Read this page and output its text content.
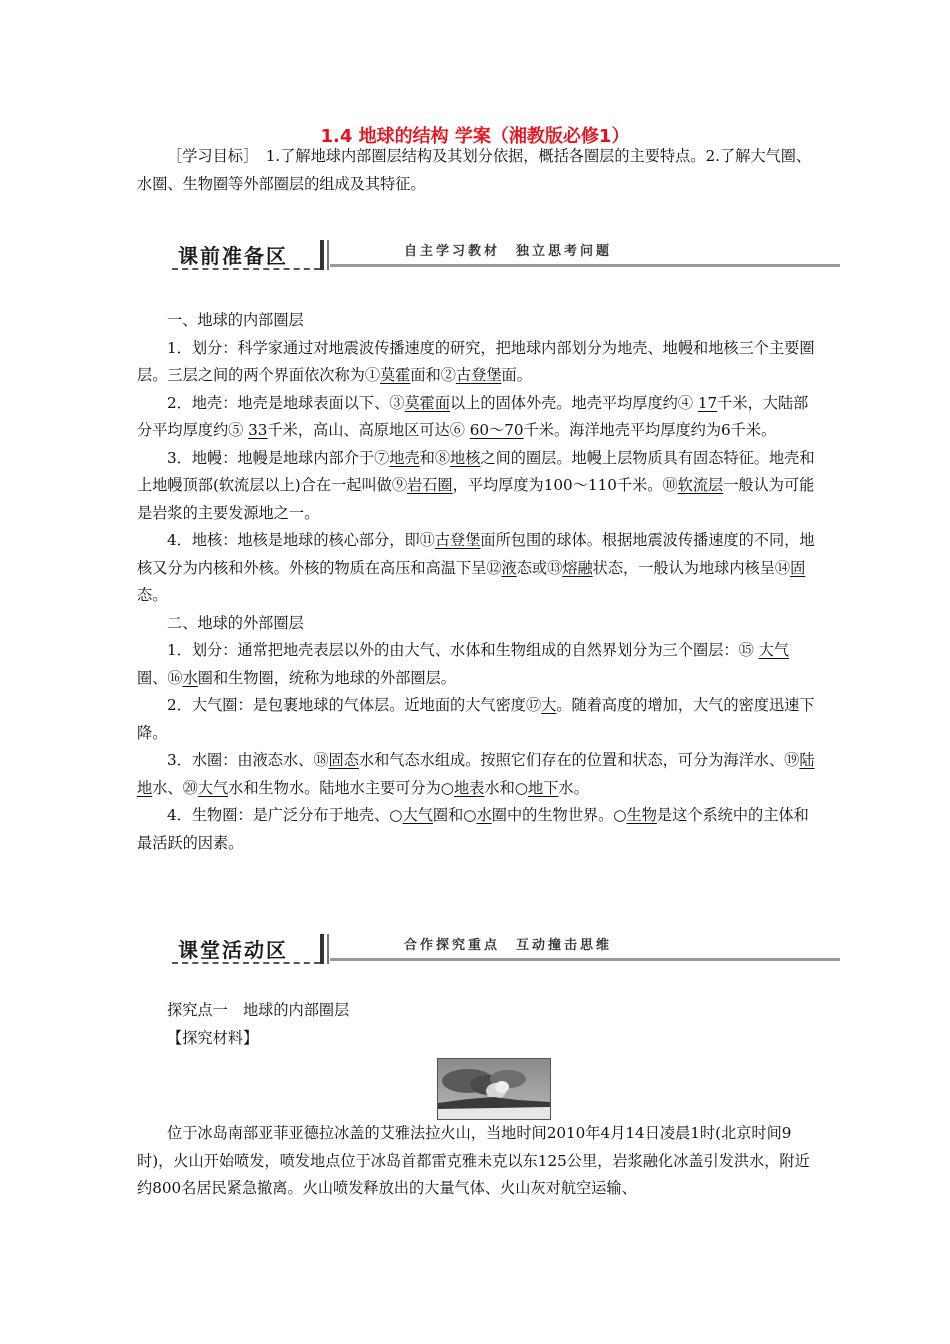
1.4 地球的结构 学案（湘教版必修1）

［学习目标］　1.了解地球内部圈层结构及其划分依据，概括各圈层的主要特点。2.了解大气圈、水圈、生物圈等外部圈层的组成及其特征。

课前准备区	自主学习教材　独立思考问题

一、地球的内部圈层

1．划分：科学家通过对地震波传播速度的研究，把地球内部划分为地壳、地幔和地核三个主要圈层。三层之间的两个界面依次称为①莫霍面和②古登堡面。

2．地壳：地壳是地球表面以下、③莫霍面以上的固体外壳。地壳平均厚度约④ 17千米，大陆部分平均厚度约⑤ 33千米，高山、高原地区可达⑥ 60～70千米。海洋地壳平均厚度约为6千米。

3．地幔：地幔是地球内部介于⑦地壳和⑧地核之间的圈层。地幔上层物质具有固态特征。地壳和上地幔顶部(软流层以上)合在一起叫做⑨岩石圈，平均厚度为100～110千米。⑩软流层一般认为可能是岩浆的主要发源地之一。

4．地核：地核是地球的核心部分，即⑪古登堡面所包围的球体。根据地震波传播速度的不同，地核又分为内核和外核。外核的物质在高压和高温下呈⑫液态或⑬熔融状态，一般认为地球内核呈⑭固态。

二、地球的外部圈层

1．划分：通常把地壳表层以外的由大气、水体和生物组成的自然界划分为三个圈层：⑮ 大气圈、⑯水圈和生物圈，统称为地球的外部圈层。

2．大气圈：是包裹地球的气体层。近地面的大气密度⑰大。随着高度的增加，大气的密度迅速下降。

3．水圈：由液态水、⑱固态水和气态水组成。按照它们存在的位置和状态，可分为海洋水、⑲陆地水、⑳大气水和生物水。陆地水主要可分为○地表水和○地下水。

4．生物圈：是广泛分布于地壳、○大气圈和○水圈中的生物世界。○生物是这个系统中的主体和最活跃的因素。

课堂活动区	合作探究重点　互动撞击思维

探究点一　地球的内部圈层

【探究材料】

位于冰岛南部亚菲亚德拉冰盖的艾雅法拉火山，当地时间2010年4月14日凌晨1时(北京时间9时)，火山开始喷发，喷发地点位于冰岛首都雷克雅未克以东125公里，岩浆融化冰盖引发洪水，附近约800名居民紧急撤离。火山喷发释放出的大量气体、火山灰对航空运输、
